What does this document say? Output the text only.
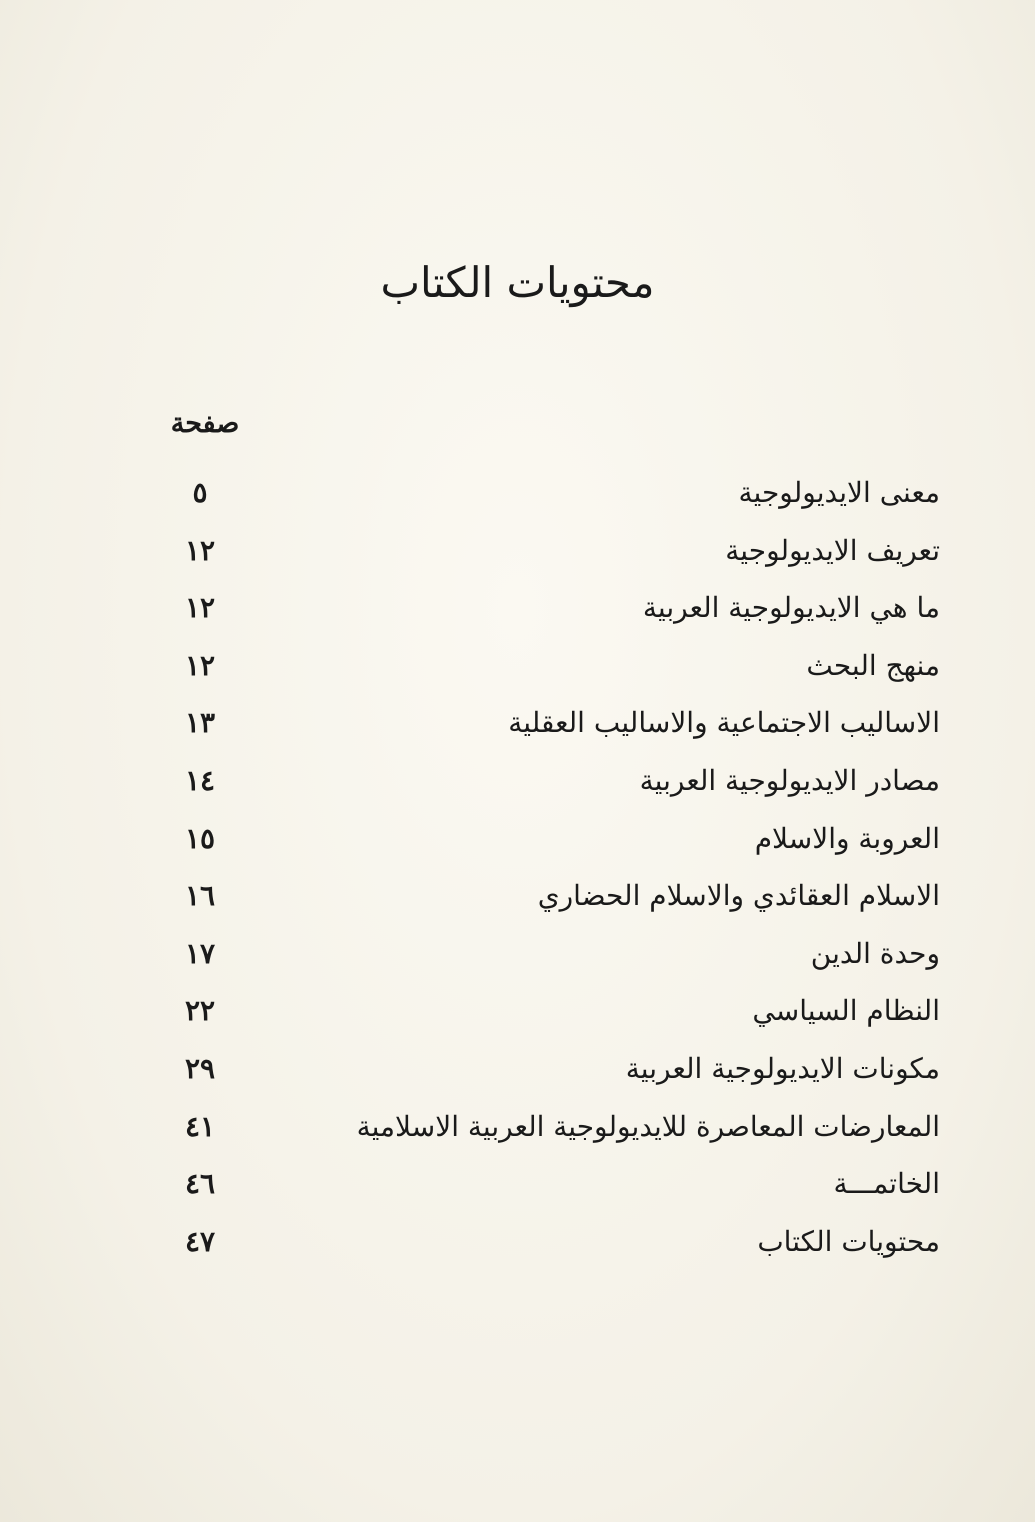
محتويات الكتاب
صفحة
معنى الايديولوجية
٥
تعريف الايديولوجية
١٢
ما هي الايديولوجية العربية
١٢
منهج البحث
١٢
الاساليب الاجتماعية والاساليب العقلية
١٣
مصادر الايديولوجية العربية
١٤
العروبة والاسلام
١٥
الاسلام العقائدي والاسلام الحضاري
١٦
وحدة الدين
١٧
النظام السياسي
٢٢
مكونات الايديولوجية العربية
٢٩
المعارضات المعاصرة للايديولوجية العربية الاسلامية
٤١
الخاتمـــة
٤٦
محتويات الكتاب
٤٧
